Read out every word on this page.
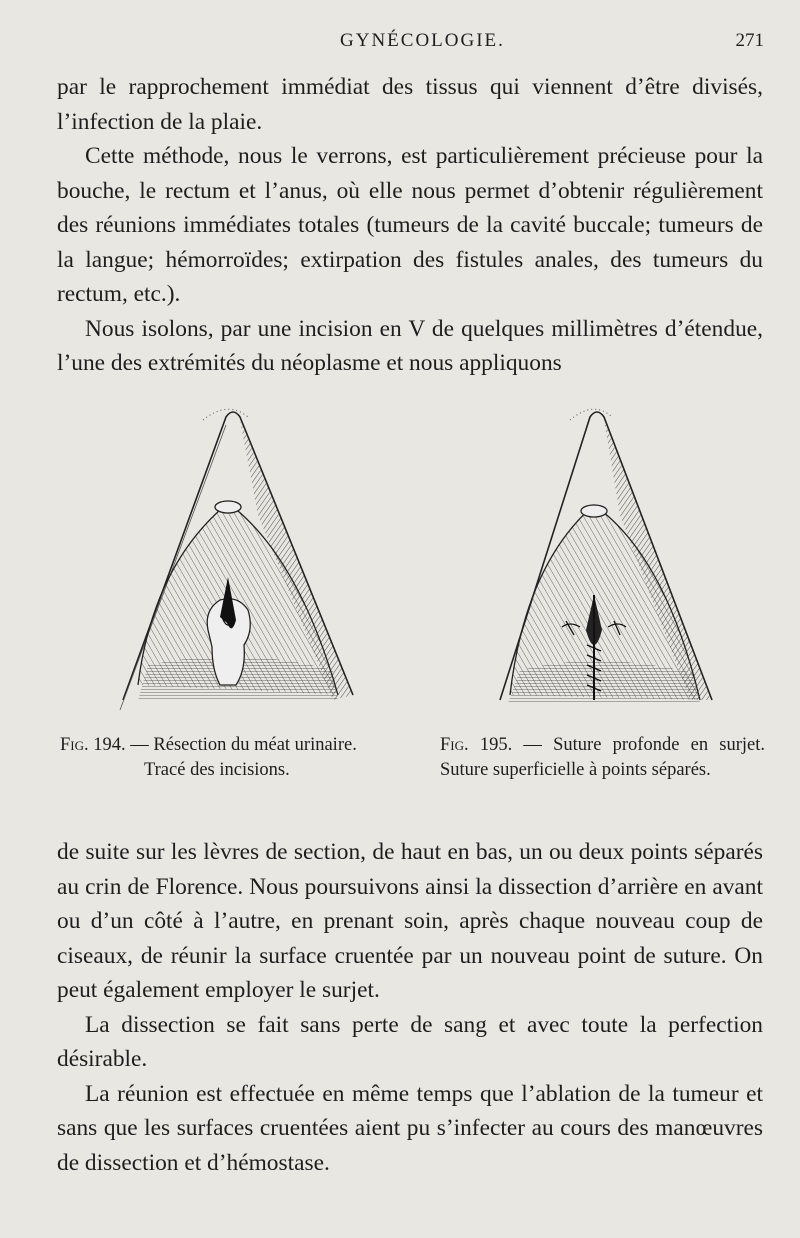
GYNÉCOLOGIE.	271

par le rapprochement immédiat des tissus qui viennent d’être divisés, l’infection de la plaie.

Cette méthode, nous le verrons, est particulièrement précieuse pour la bouche, le rectum et l’anus, où elle nous permet d’obtenir régulièrement des réunions immédiates totales (tumeurs de la cavité buccale; tumeurs de la langue; hémorroïdes; extirpation des fistules anales, des tumeurs du rectum, etc.).

Nous isolons, par une incision en V de quelques millimètres d’étendue, l’une des extrémités du néoplasme et nous appliquons

Fig. 194. — Résection du méat urinaire.
Tracé des incisions.
Fig. 195. — Suture profonde en surjet. Suture superficielle à points séparés.

de suite sur les lèvres de section, de haut en bas, un ou deux points séparés au crin de Florence. Nous poursuivons ainsi la dissection d’arrière en avant ou d’un côté à l’autre, en prenant soin, après chaque nouveau coup de ciseaux, de réunir la surface cruentée par un nouveau point de suture. On peut également employer le surjet.

La dissection se fait sans perte de sang et avec toute la perfection désirable.

La réunion est effectuée en même temps que l’ablation de la tumeur et sans que les surfaces cruentées aient pu s’infecter au cours des manœuvres de dissection et d’hémostase.
